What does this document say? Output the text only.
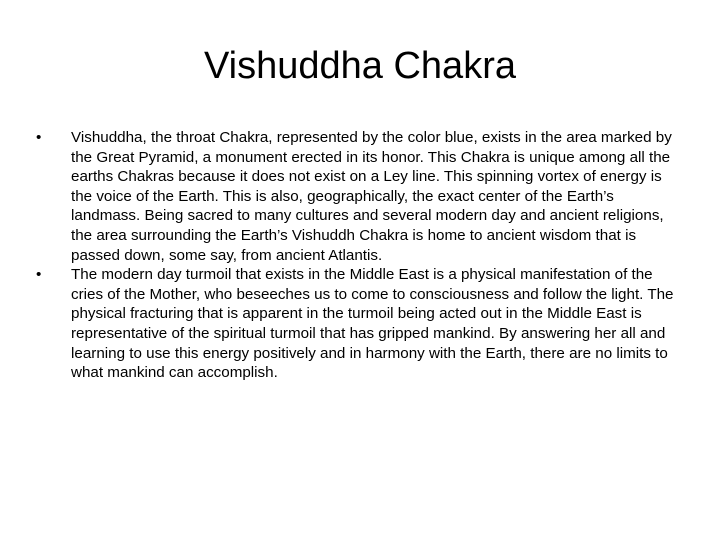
Vishuddha Chakra
•	Vishuddha, the throat Chakra, represented by the color blue, exists in the area marked by the Great Pyramid, a monument erected in its honor. This Chakra is unique among all the earths Chakras because it does not exist on a Ley line. This spinning vortex of energy is the voice of the Earth. This is also, geographically, the exact center of the Earth’s landmass. Being sacred to many cultures and several modern day and ancient religions, the area surrounding the Earth’s Vishuddh Chakra is home to ancient wisdom that is passed down, some say, from ancient Atlantis.
•	The modern day turmoil that exists in the Middle East is a physical manifestation of the cries of the Mother, who beseeches us to come to consciousness and follow the light. The physical fracturing that is apparent in the turmoil being acted out in the Middle East is representative of the spiritual turmoil that has gripped mankind. By answering her all and learning to use this energy positively and in harmony with the Earth, there are no limits to what mankind can accomplish.
